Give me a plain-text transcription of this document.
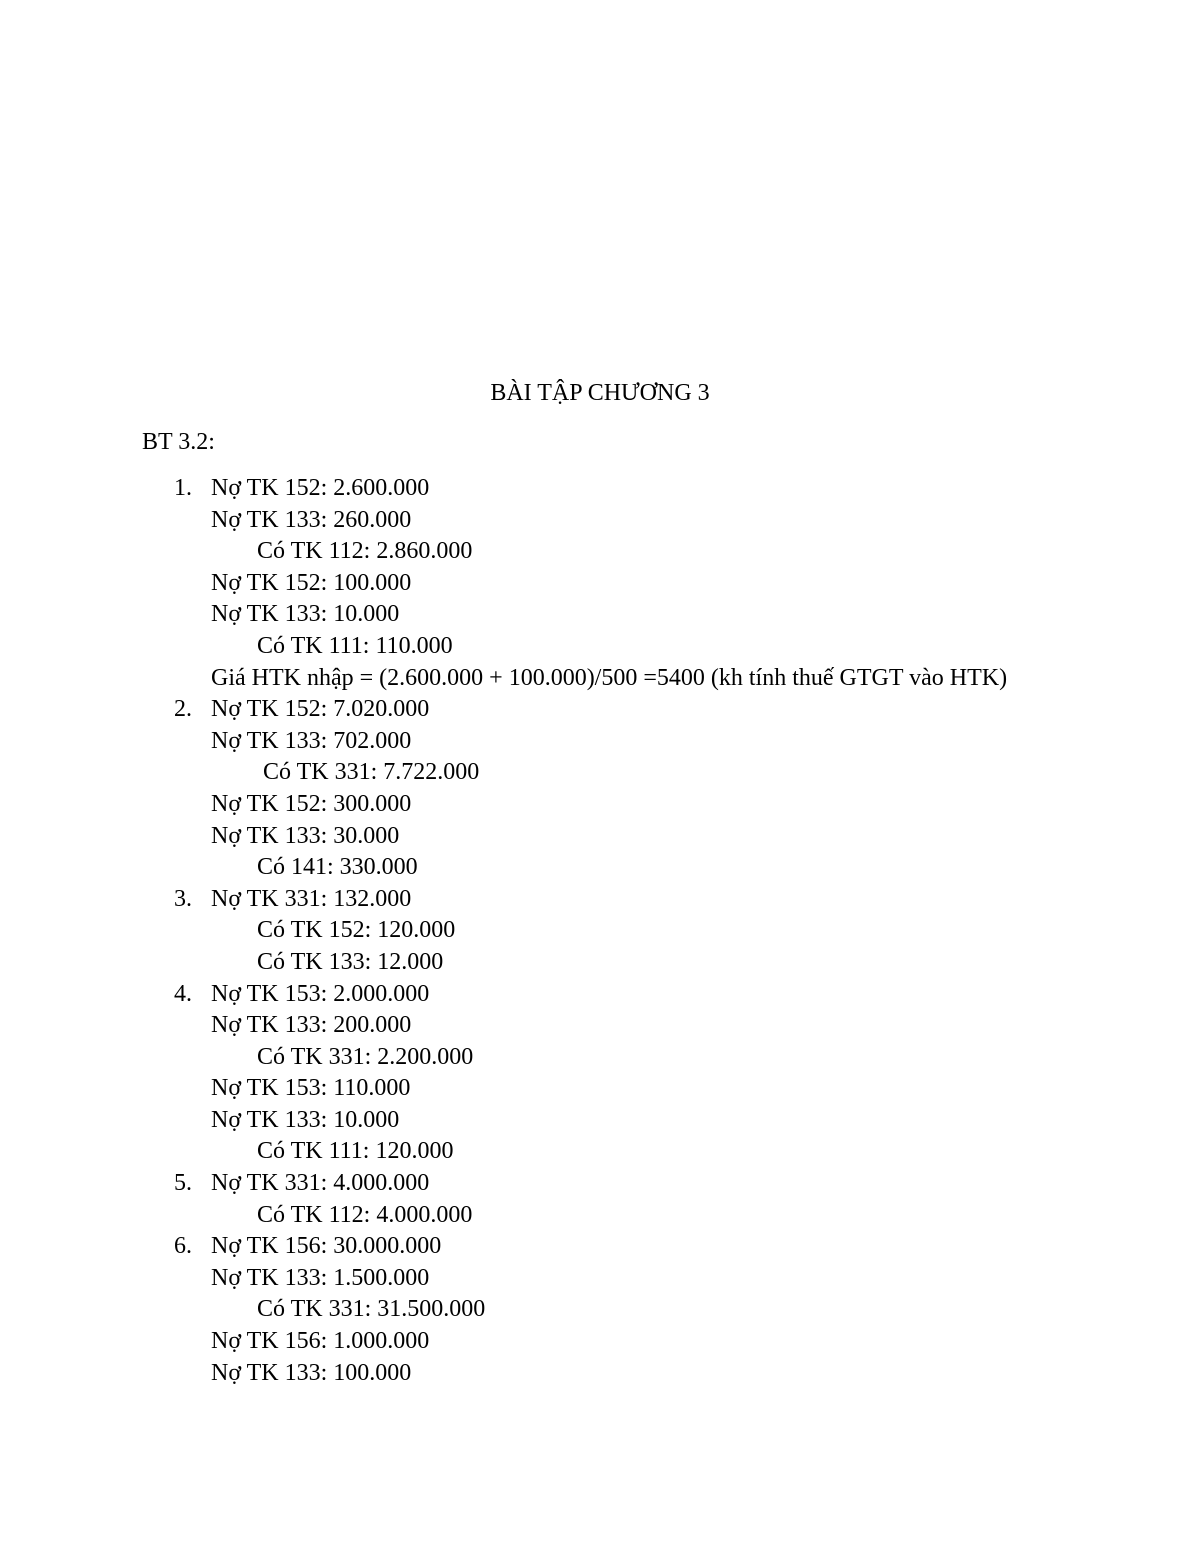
BÀI TẬP CHƯƠNG 3
BT 3.2:
1. Nợ TK 152: 2.600.000
Nợ TK 133: 260.000
Có TK 112: 2.860.000
Nợ TK 152: 100.000
Nợ TK 133: 10.000
Có TK 111: 110.000
Giá HTK nhập = (2.600.000 + 100.000)/500 =5400 (kh tính thuế GTGT vào HTK)
2. Nợ TK 152: 7.020.000
Nợ TK 133: 702.000
Có TK 331: 7.722.000
Nợ TK 152: 300.000
Nợ TK 133: 30.000
Có 141: 330.000
3. Nợ TK 331: 132.000
Có TK 152: 120.000
Có TK 133: 12.000
4. Nợ TK 153: 2.000.000
Nợ TK 133: 200.000
Có TK 331: 2.200.000
Nợ TK 153: 110.000
Nợ TK 133: 10.000
Có TK 111: 120.000
5. Nợ TK 331: 4.000.000
Có TK 112: 4.000.000
6. Nợ TK 156: 30.000.000
Nợ TK 133: 1.500.000
Có TK 331: 31.500.000
Nợ TK 156: 1.000.000
Nợ TK 133: 100.000
